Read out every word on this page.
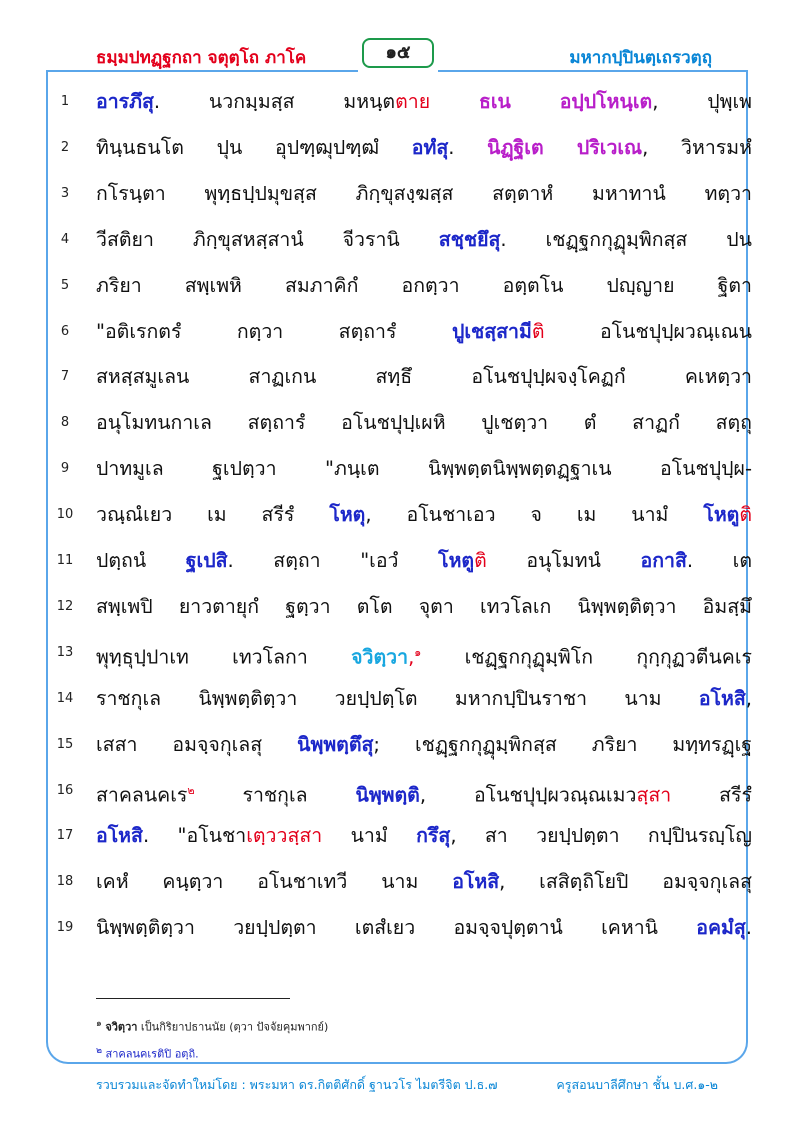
ธมฺมปทฏฺฐกถา จตุตฺโถ ภาโค	๑๕	มหากปฺปินตฺเถรวตฺถุ
1	อารภึสุ. นวกมฺมสฺส มหนฺตตาย	ธเน	อปฺปโหนฺเต, ปุพฺเพ
2	ทินฺนธนโต ปุน อุปฑฺฒุปฑฺฒํ อทํสุ. นิฏฺฐิเต ปริเวเณ, วิหารมหํ
3	กโรนฺตา พุทฺธปฺปมุขสฺส ภิกฺขุสงฺฆสฺส สตฺตาหํ มหาทานํ ทตฺวา
4	วีสติยา ภิกฺขุสหสฺสานํ จีวรานิ สชฺชยึสุ. เชฏฺฐกกุฏุมฺพิกสฺส ปน
5	ภริยา สพฺเพหิ สมภาคิกํ อกตฺวา อตฺตโน ปญฺญาย ฐิตา
6	"อติเรกตรํ กตฺวา สตฺถารํ ปูเชสฺสามีติ อโนชปุปฺผวณฺเณน
7	สหสฺสมูเลน สาฏเกน สทฺธึ อโนชปุปฺผจงฺโคฏกํ คเหตฺวา
8	อนุโมทนกาเล สตฺถารํ อโนชปุปฺเผหิ ปูเชตฺวา ตํ สาฏกํ สตฺถุ
9	ปาทมูเล ฐเปตฺวา "ภนฺเต นิพฺพตฺตนิพฺพตฺตฏฺฐาเน อโนชปุปฺผ-
10	วณฺณํเยว เม สรีรํ โหตุ, อโนชาเอว จ เม นามํ โหตูติ
11	ปตฺถนํ ฐเปสิ. สตฺถา "เอวํ โหตูติ อนุโมทนํ อกาสิ. เต
12	สพฺเพปิ ยาวตายุกํ ฐตฺวา ตโต จุตา เทวโลเก นิพฺพตฺติตฺวา อิมสฺมึ
13	พุทฺธุปฺปาเท เทวโลกา จวิตฺวา,$^๑$ เชฏฺฐกกุฏุมฺพิโก กุกฺกุฏวตีนคเร
14	ราชกุเล นิพฺพตฺติตฺวา วยปฺปตฺโต มหากปฺปินราชา นาม อโหสิ,
15	เสสา อมจฺจกุเลสุ นิพฺพตฺตึสุ; เชฏฺฐกกุฏุมฺพิกสฺส ภริยา มทฺทรฏฺเฐ
16	สาคลนคเร$^๒$ ราชกุเล นิพฺพตฺติ, อโนชปุปฺผวณฺณเมวสฺสา สรีรํ
17	อโหสิ. "อโนชาเตฺววสฺสา นามํ กรึสุ, สา วยปฺปตฺตา กปฺปินรญฺโญ
18	เคหํ คนฺตฺวา อโนชาเทวี นาม อโหสิ, เสสิตฺถิโยปิ อมจฺจกุเลสุ
19	นิพฺพตฺติตฺวา วยปฺปตฺตา เตสํเยว อมจฺจปุตฺตานํ เคหานิ อคมํสุ.
$^๑$ จวิตฺวา เป็นกิริยาปธานนัย (ตฺวา ปัจจัยคุมพากย์)
$^๒$ สาคลนคเรติปิ อตฺถิ.
รวบรวมและจัดทำใหม่โดย : พระมหา ดร.กิตติศักดิ์ ฐานวโร ไมตรีจิต ป.ธ.๗	ครูสอนบาลีศึกษา ชั้น บ.ศ.๑-๒
